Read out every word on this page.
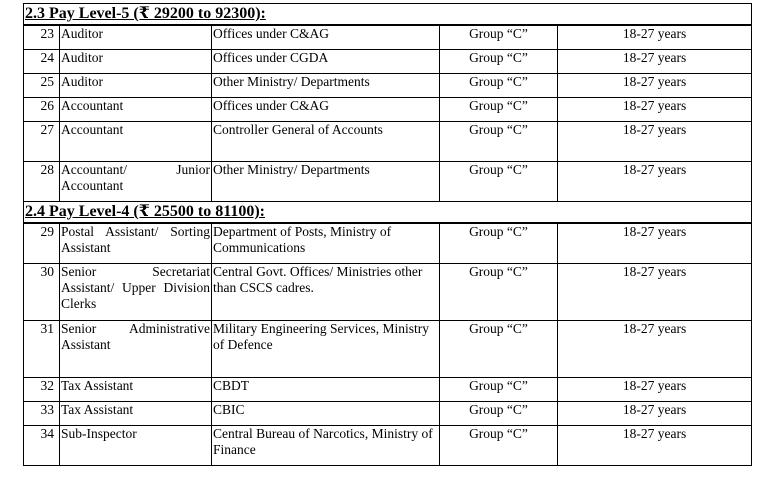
2.3 Pay Level-5 (₹ 29200 to 92300):				
23	Auditor	Offices under C&AG	Group “C”	18-27 years
24	Auditor	Offices under CGDA	Group “C”	18-27 years
25	Auditor	Other Ministry/ Departments	Group “C”	18-27 years
26	Accountant	Offices under C&AG	Group “C”	18-27 years
27	Accountant	Controller General of Accounts	Group “C”	18-27 years
28	Accountant/ Junior Accountant	Other Ministry/ Departments	Group “C”	18-27 years
2.4 Pay Level-4 (₹ 25500 to 81100):				
29	Postal Assistant/ Sorting Assistant	Department of Posts, Ministry of Communications	Group “C”	18-27 years
30	Senior Secretariat Assistant/ Upper Division Clerks	Central Govt. Offices/ Ministries other than CSCS cadres.	Group “C”	18-27 years
31	Senior Administrative Assistant	Military Engineering Services, Ministry of Defence	Group “C”	18-27 years
32	Tax Assistant	CBDT	Group “C”	18-27 years
33	Tax Assistant	CBIC	Group “C”	18-27 years
34	Sub-Inspector	Central Bureau of Narcotics, Ministry of Finance	Group “C”	18-27 years
